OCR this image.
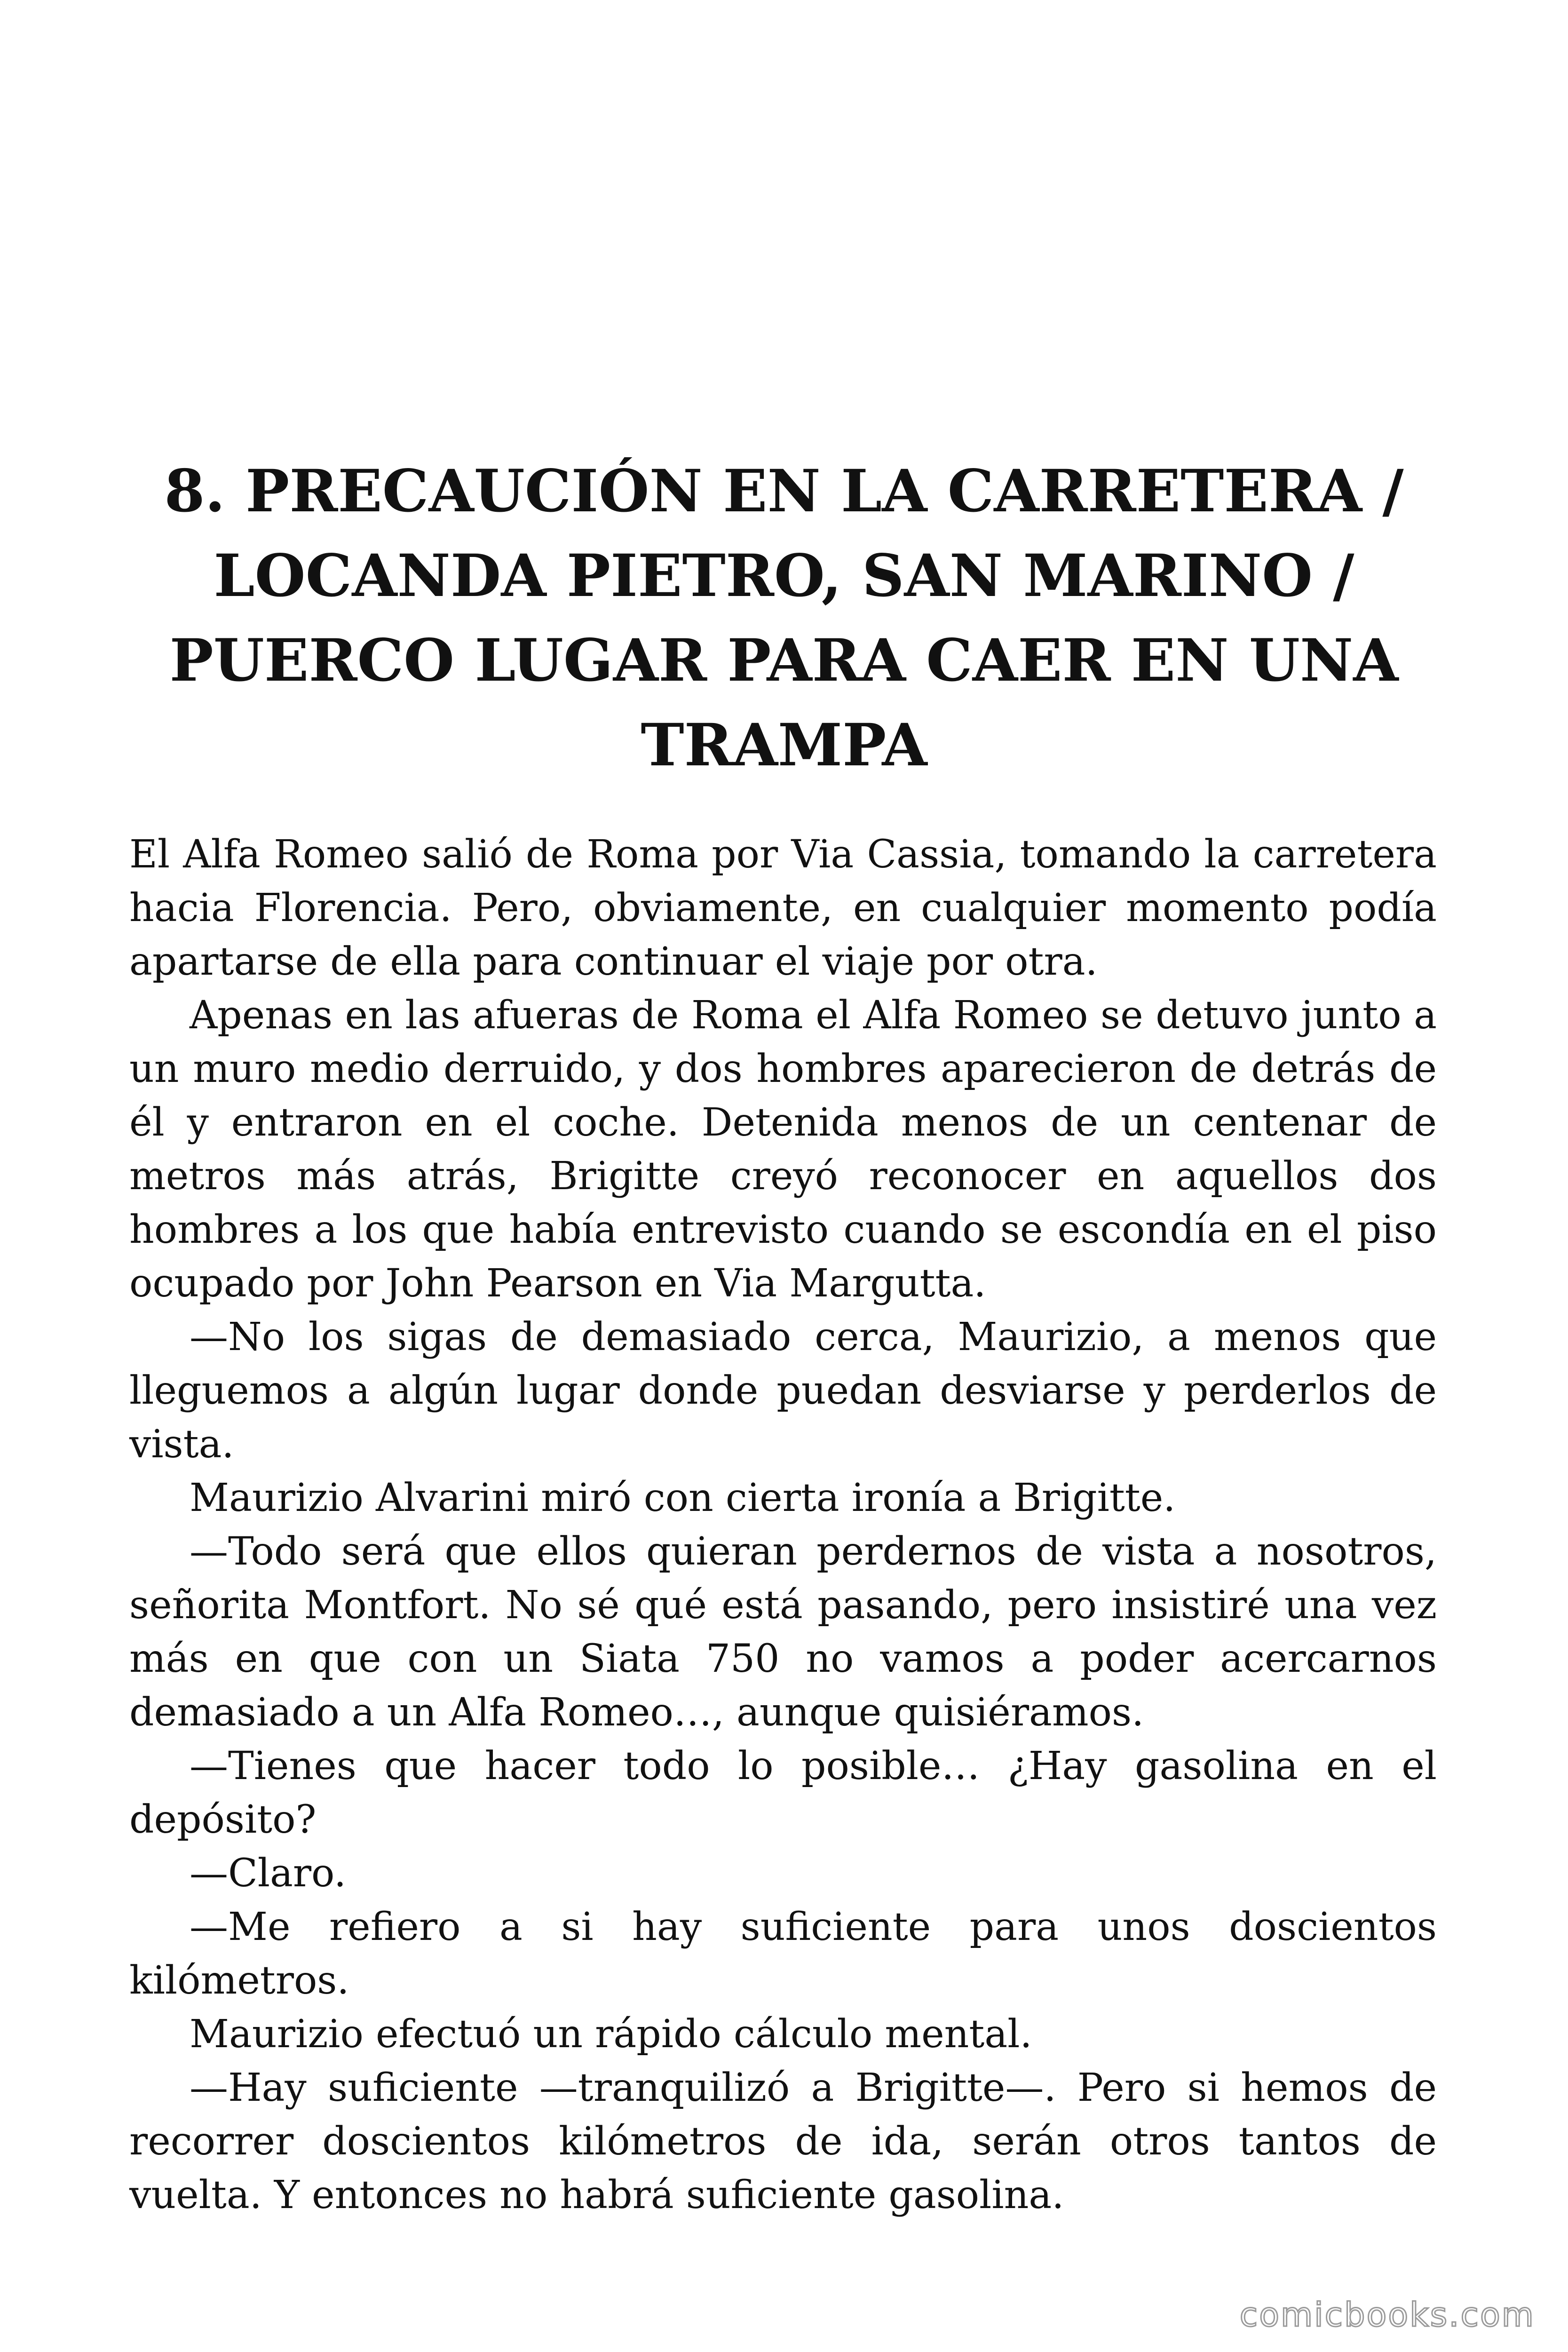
8. PRECAUCIÓN EN LA CARRETERA /
LOCANDA PIETRO, SAN MARINO /
PUERCO LUGAR PARA CAER EN UNA
TRAMPA

El Alfa Romeo salió de Roma por Via Cassia, tomando la carretera hacia Florencia. Pero, obviamente, en cualquier momento podía apartarse de ella para continuar el viaje por otra.

Apenas en las afueras de Roma el Alfa Romeo se detuvo junto a un muro medio derruido, y dos hombres aparecieron de detrás de él y entraron en el coche. Detenida menos de un centenar de metros más atrás, Brigitte creyó reconocer en aquellos dos hombres a los que había entrevisto cuando se escondía en el piso ocupado por John Pearson en Via Margutta.

—No los sigas de demasiado cerca, Maurizio, a menos que lleguemos a algún lugar donde puedan desviarse y perderlos de vista.

Maurizio Alvarini miró con cierta ironía a Brigitte.

—Todo será que ellos quieran perdernos de vista a nosotros, señorita Montfort. No sé qué está pasando, pero insistiré una vez más en que con un Siata 750 no vamos a poder acercarnos demasiado a un Alfa Romeo…, aunque quisiéramos.

—Tienes que hacer todo lo posible… ¿Hay gasolina en el depósito?

—Claro.

—Me refiero a si hay suficiente para unos doscientos kilómetros.

Maurizio efectuó un rápido cálculo mental.

—Hay suficiente —tranquilizó a Brigitte—. Pero si hemos de recorrer doscientos kilómetros de ida, serán otros tantos de vuelta. Y entonces no habrá suficiente gasolina.

comicbooks.com
